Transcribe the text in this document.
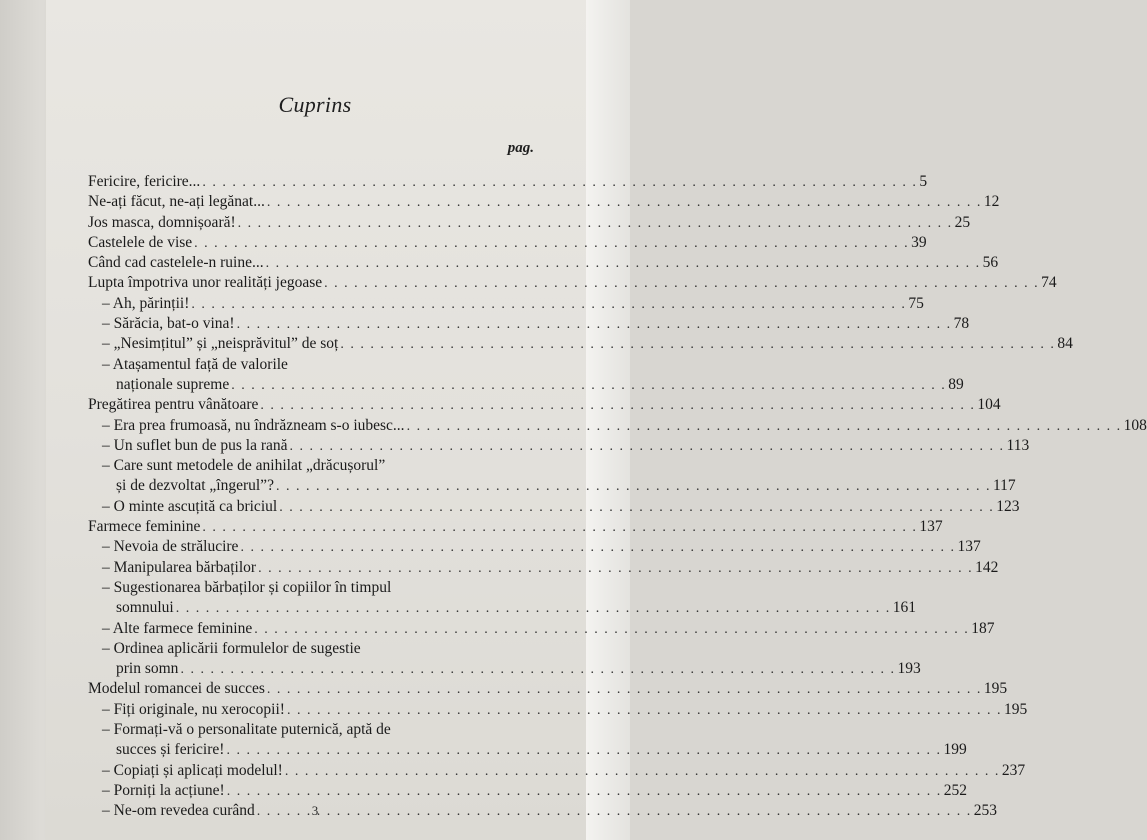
Cuprins
pag.
Fericire, fericire... . . .	5
Ne-ați făcut, ne-ați legănat... . . .	12
Jos masca, domnișoară! . . .	25
Castelele de vise . . .	39
Când cad castelele-n ruine... . . .	56
Lupta împotriva unor realități jegoase . . .	74
– Ah, părinții! . . .	75
– Sărăcia, bat-o vina! . . .	78
– „Nesimțitul” și „neisprăvitul” de soț . . .	84
– Atașamentul față de valorile
naționale supreme . . .	89
Pregătirea pentru vânătoare . . .	104
– Era prea frumoasă, nu îndrăzneam s-o iubesc... . . .	108
– Un suflet bun de pus la rană . . .	113
– Care sunt metodele de anihilat „drăcușorul”
și de dezvoltat „îngerul”? . . .	117
– O minte ascuțită ca briciul . . .	123
Farmece feminine . . .	137
– Nevoia de strălucire . . .	137
– Manipularea bărbaților . . .	142
– Sugestionarea bărbaților și copiilor în timpul
somnului . . .	161
– Alte farmece feminine . . .	187
– Ordinea aplicării formulelor de sugestie
prin somn . . .	193
Modelul romancei de succes . . .	195
– Fiți originale, nu xerocopii! . . .	195
– Formați-vă o personalitate puternică, aptă de
succes și fericire! . . .	199
– Copiați și aplicați modelul! . . .	237
– Porniți la acțiune! . . .	252
– Ne-om revedea curând . . .	253
3
